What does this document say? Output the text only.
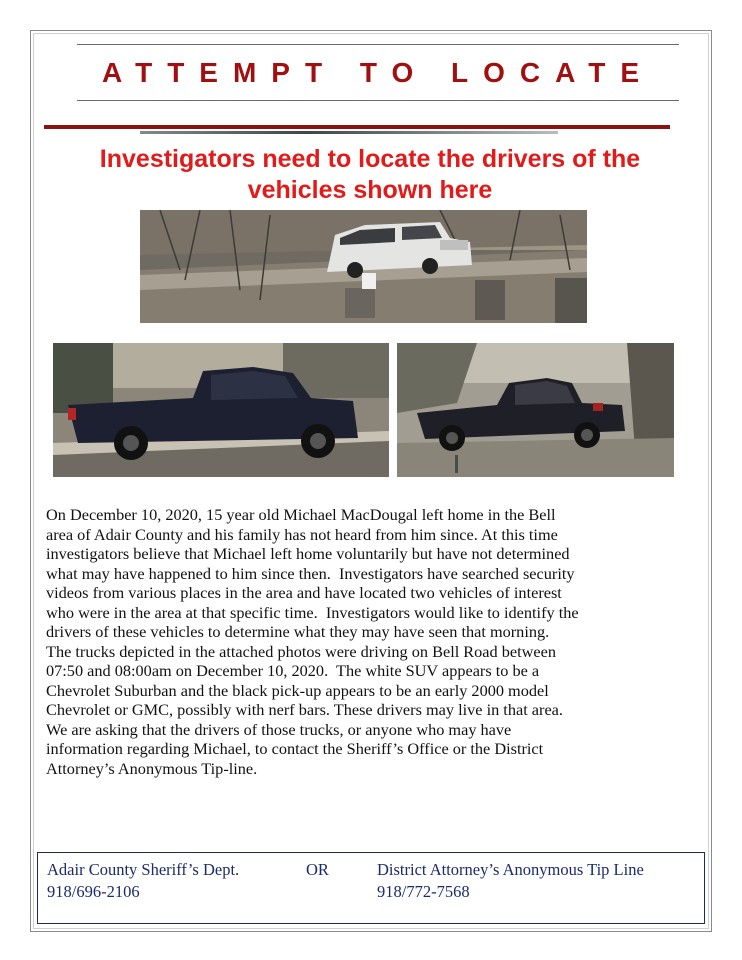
ATTEMPT TO LOCATE
Investigators need to locate the drivers of the
vehicles shown here
On December 10, 2020, 15 year old Michael MacDougal left home in the Bell
area of Adair County and his family has not heard from him since. At this time
investigators believe that Michael left home voluntarily but have not determined
what may have happened to him since then.  Investigators have searched security
videos from various places in the area and have located two vehicles of interest
who were in the area at that specific time.  Investigators would like to identify the
drivers of these vehicles to determine what they may have seen that morning.
The trucks depicted in the attached photos were driving on Bell Road between
07:50 and 08:00am on December 10, 2020.  The white SUV appears to be a
Chevrolet Suburban and the black pick-up appears to be an early 2000 model
Chevrolet or GMC, possibly with nerf bars. These drivers may live in that area.
We are asking that the drivers of those trucks, or anyone who may have
information regarding Michael, to contact the Sheriff’s Office or the District
Attorney’s Anonymous Tip-line.
Adair County Sheriff’s Dept.
918/696-2106
OR	District Attorney’s Anonymous Tip Line
918/772-7568
